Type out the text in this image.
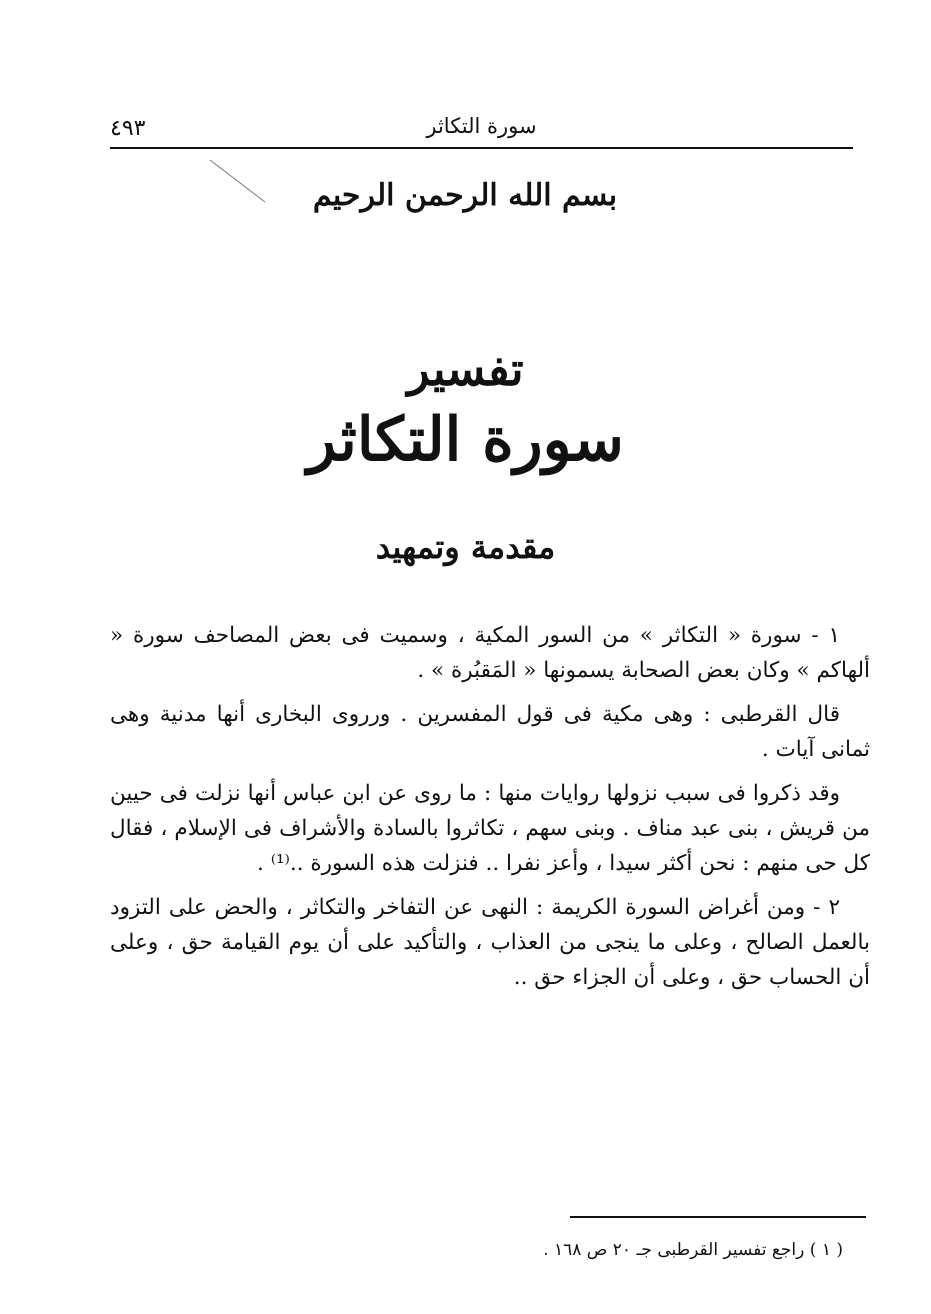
٤٩٣	سورة التكاثر
بسم الله الرحمن الرحيم
تفسير
سورة التكاثر
مقدمة وتمهيد

١ - سورة « التكاثر » من السور المكية ، وسميت فى بعض المصاحف سورة « ألهاكم » وكان بعض الصحابة يسمونها « المَقبُرة » .

قال القرطبى : وهى مكية فى قول المفسرين . ورروى البخارى أنها مدنية وهى ثمانى آيات .

وقد ذكروا فى سبب نزولها روايات منها : ما روى عن ابن عباس أنها نزلت فى حيين من قريش ، بنى عبد مناف . وبنى سهم ، تكاثروا بالسادة والأشراف فى الإسلام ، فقال كل حى منهم : نحن أكثر سيدا ، وأعز نفرا .. فنزلت هذه السورة ..⁽¹⁾ .

٢ - ومن أغراض السورة الكريمة : النهى عن التفاخر والتكاثر ، والحض على التزود بالعمل الصالح ، وعلى ما ينجى من العذاب ، والتأكيد على أن يوم القيامة حق ، وعلى أن الحساب حق ، وعلى أن الجزاء حق ..

( ١ ) راجع تفسير القرطبى جـ ٢٠ ص ١٦٨ .
